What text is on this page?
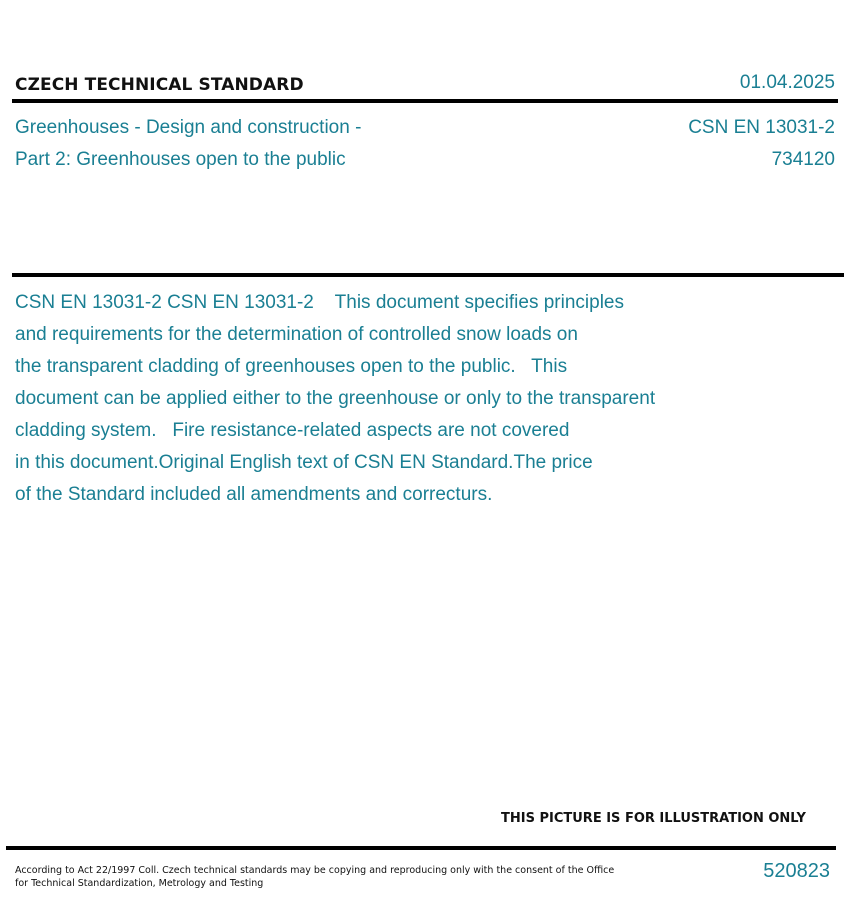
CZECH TECHNICAL STANDARD	01.04.2025
Greenhouses - Design and construction -
Part 2: Greenhouses open to the public
CSN EN 13031-2
734120
CSN EN 13031-2 CSN EN 13031-2    This document specifies principles
and requirements for the determination of controlled snow loads on
the transparent cladding of greenhouses open to the public.   This
document can be applied either to the greenhouse or only to the transparent
cladding system.   Fire resistance-related aspects are not covered
in this document.Original English text of CSN EN Standard.The price
of the Standard included all amendments and correcturs.
THIS PICTURE IS FOR ILLUSTRATION ONLY
According to Act 22/1997 Coll. Czech technical standards may be copying and reproducing only with the consent of the Office
for Technical Standardization, Metrology and Testing
520823
